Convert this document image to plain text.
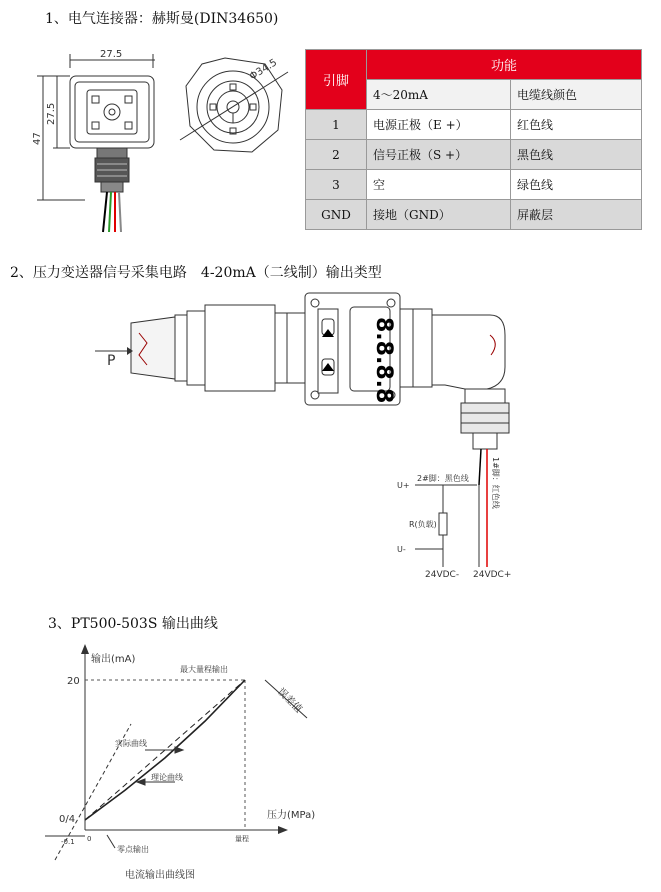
1、电气连接器：赫斯曼(DIN34650)
27.5
27.5
47
Φ34.5	引脚	功能	
	4～20mA	电缆线颜色
1	电源正极（E +）	红色线
2	信号正极（S +）	黑色线
3	空	绿色线
GND	接地（GND）	屏蔽层
2、压力变送器信号采集电路　4-20mA（二线制）输出类型
P	8.8.8.8
2#脚：黑色线	1#脚：红色线
U+
U-
R(负载)
24VDC- 24VDC+
3、PT500-503S 输出曲线
输出(mA)
压力(MPa)
20
0/4
-0.1 0	量程
最大量程输出
误差值
实际曲线
理论曲线
零点输出
电流输出曲线图
